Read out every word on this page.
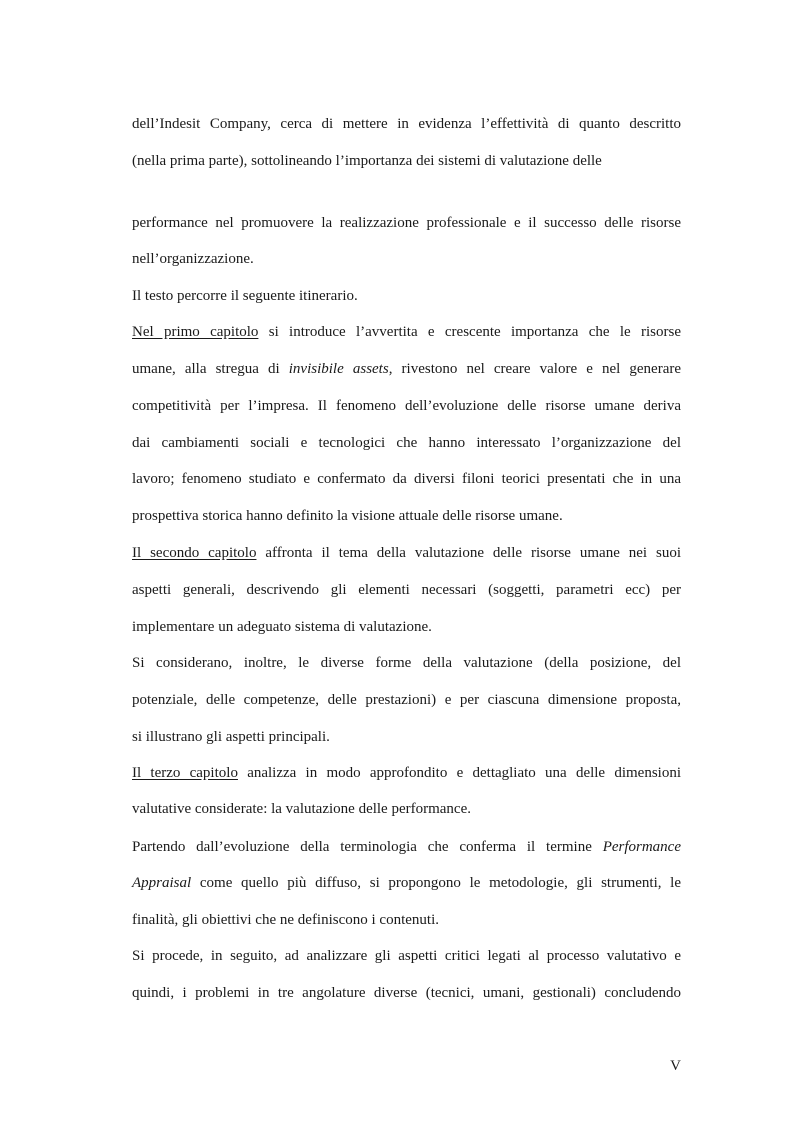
dell’Indesit Company, cerca di mettere in evidenza l’effettività di quanto descritto
(nella prima parte), sottolineando l’importanza dei sistemi di valutazione delle
performance nel promuovere la realizzazione professionale e il successo delle risorse
nell’organizzazione.
Il testo percorre il seguente itinerario.
Nel primo capitolo si introduce l’avvertita e crescente importanza che le risorse
umane, alla stregua di invisibile assets, rivestono nel creare valore e nel generare
competitività per l’impresa. Il fenomeno dell’evoluzione delle risorse umane deriva
dai cambiamenti sociali e tecnologici che hanno interessato l’organizzazione del
lavoro; fenomeno studiato e confermato da diversi filoni teorici presentati che in una
prospettiva storica hanno definito la visione attuale delle risorse umane.
Il secondo capitolo affronta il tema della valutazione delle risorse umane nei suoi
aspetti generali, descrivendo gli elementi necessari (soggetti, parametri ecc) per
implementare un adeguato sistema di valutazione.
Si considerano, inoltre, le diverse forme della valutazione (della posizione, del
potenziale, delle competenze, delle prestazioni) e per ciascuna dimensione proposta,
si illustrano gli aspetti principali.
Il terzo capitolo analizza in modo approfondito e dettagliato una delle dimensioni
valutative considerate: la valutazione delle performance.
Partendo dall’evoluzione della terminologia che conferma il termine Performance
Appraisal come quello più diffuso, si propongono le metodologie, gli strumenti, le
finalità, gli obiettivi che ne definiscono i contenuti.
Si procede, in seguito, ad analizzare gli aspetti critici legati al processo valutativo e
quindi, i problemi in tre angolature diverse (tecnici, umani, gestionali) concludendo
V
